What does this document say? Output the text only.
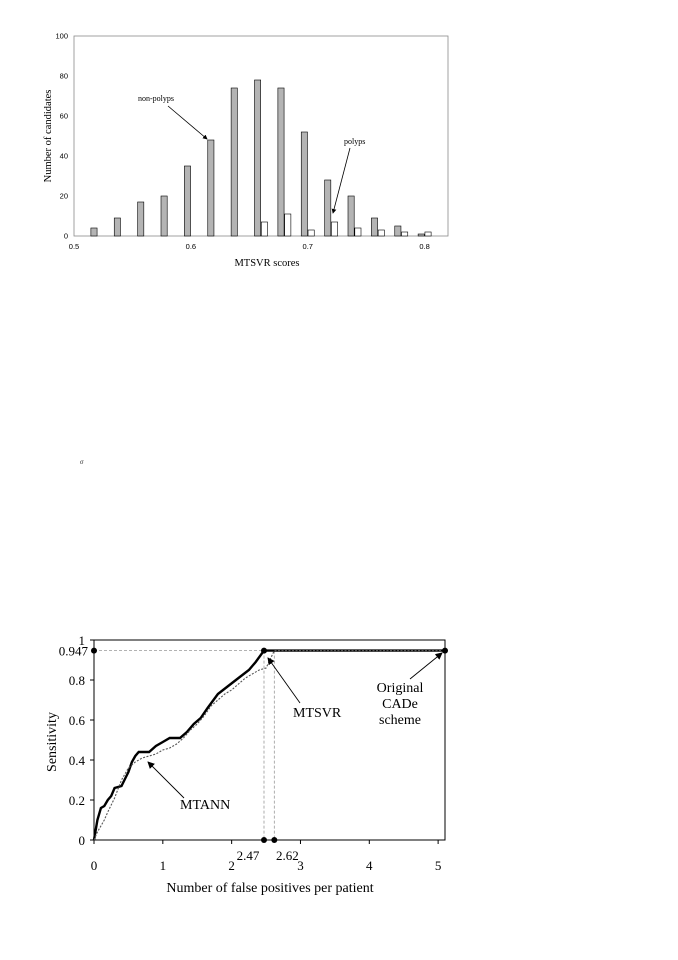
0
20
40
60
80
100
0.5	0.6	0.7	0.8
MTSVR scores
Number of candidates	non-polyps
polyps
σ
0
0.2
0.4
0.6
0.8
1
0.947
0	1	2	3	4	5
2.47 2.62
Number of false positives per patient
Sensitivity	MTSVR
MTANN
Original
CADe
scheme
